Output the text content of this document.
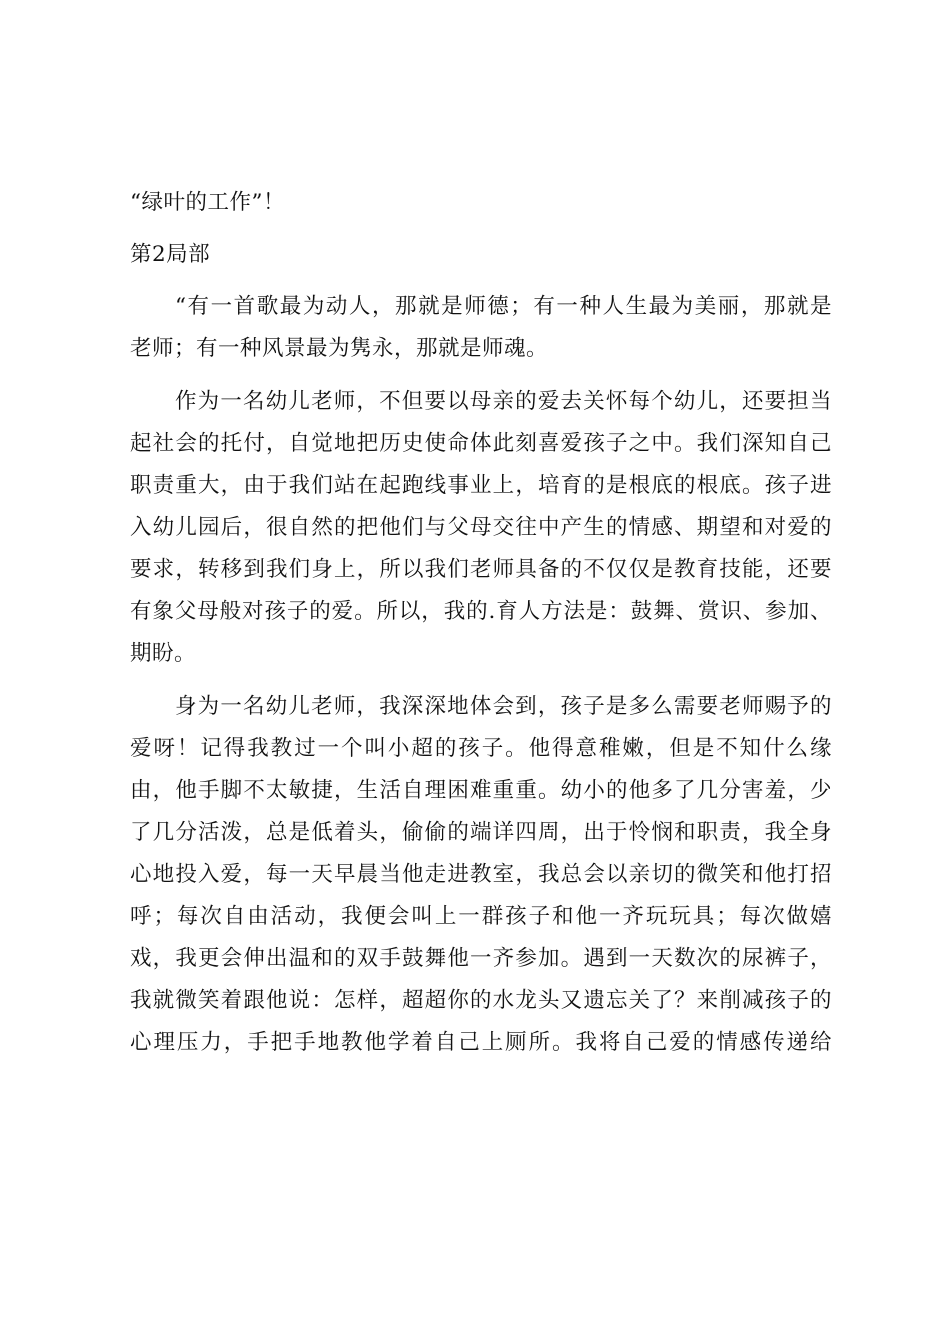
“绿叶的工作”！
第2局部
“有一首歌最为动人，那就是师德；有一种人生最为美丽，那就是
老师；有一种风景最为隽永，那就是师魂。
作为一名幼儿老师，不但要以母亲的爱去关怀每个幼儿，还要担当
起社会的托付，自觉地把历史使命体此刻喜爱孩子之中。我们深知自己
职责重大，由于我们站在起跑线事业上，培育的是根底的根底。孩子进
入幼儿园后，很自然的把他们与父母交往中产生的情感、期望和对爱的
要求，转移到我们身上，所以我们老师具备的不仅仅是教育技能，还要
有象父母般对孩子的爱。所以，我的.育人方法是：鼓舞、赏识、参加、
期盼。
身为一名幼儿老师，我深深地体会到，孩子是多么需要老师赐予的
爱呀！记得我教过一个叫小超的孩子。他得意稚嫩，但是不知什么缘
由，他手脚不太敏捷，生活自理困难重重。幼小的他多了几分害羞，少
了几分活泼，总是低着头，偷偷的端详四周，出于怜悯和职责，我全身
心地投入爱，每一天早晨当他走进教室，我总会以亲切的微笑和他打招
呼；每次自由活动，我便会叫上一群孩子和他一齐玩玩具；每次做嬉
戏，我更会伸出温和的双手鼓舞他一齐参加。遇到一天数次的尿裤子，
我就微笑着跟他说：怎样，超超你的水龙头又遗忘关了？来削减孩子的
心理压力，手把手地教他学着自己上厕所。我将自己爱的情感传递给
